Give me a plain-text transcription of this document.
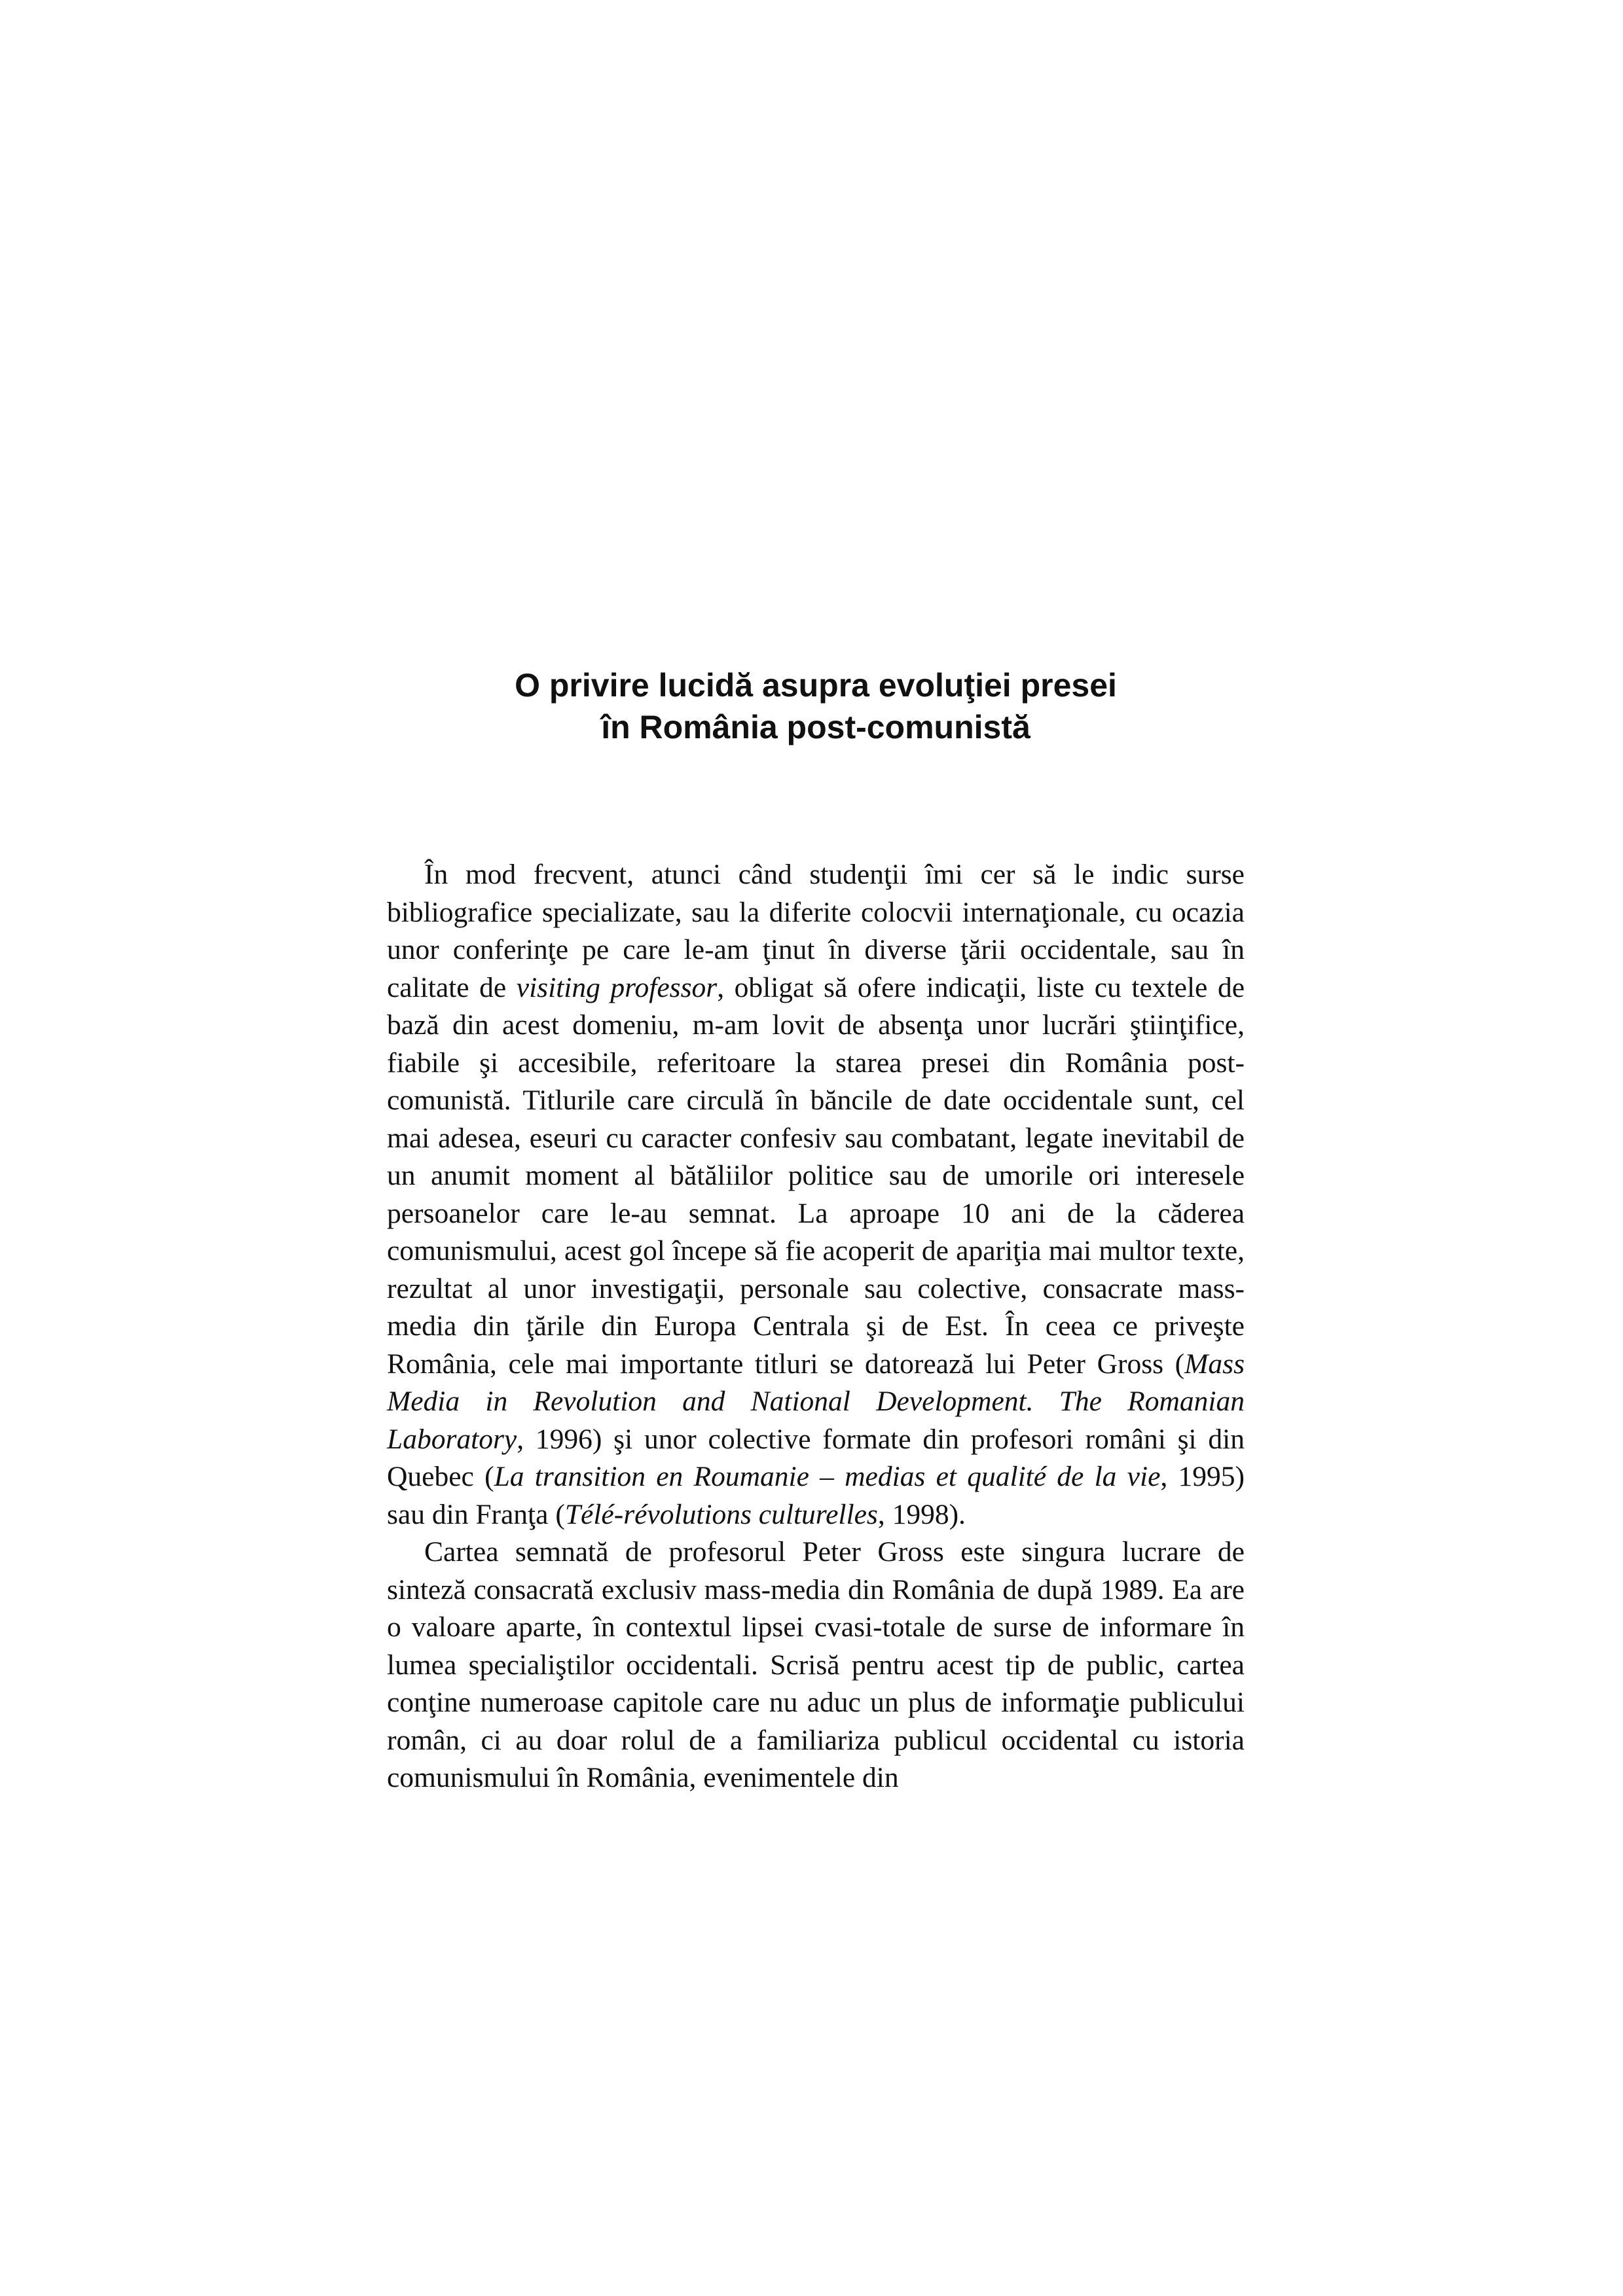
O privire lucidă asupra evoluţiei presei
în România post-comunistă

În mod frecvent, atunci când studenţii îmi cer să le indic surse bibliografice specializate, sau la diferite colocvii internaţionale, cu ocazia unor conferinţe pe care le-am ţinut în diverse ţării occidentale, sau în calitate de visiting professor, obligat să ofere indicaţii, liste cu textele de bază din acest domeniu, m-am lovit de absenţa unor lucrări ştiinţifice, fiabile şi accesibile, referitoare la starea presei din România post-comunistă. Titlurile care circulă în băncile de date occidentale sunt, cel mai adesea, eseuri cu caracter confesiv sau combatant, legate inevitabil de un anumit moment al bătăliilor politice sau de umorile ori interesele persoanelor care le-au semnat. La aproape 10 ani de la căderea comunismului, acest gol începe să fie acoperit de apariţia mai multor texte, rezultat al unor investigaţii, personale sau colective, consacrate mass-media din ţările din Europa Centrala şi de Est. În ceea ce priveşte România, cele mai importante titluri se datorează lui Peter Gross (Mass Media in Revolution and National Development. The Romanian Laboratory, 1996) şi unor colective formate din profesori români şi din Quebec (La transition en Roumanie – medias et qualité de la vie, 1995) sau din Franţa (Télé-révolutions culturelles, 1998).

Cartea semnată de profesorul Peter Gross este singura lucrare de sinteză consacrată exclusiv mass-media din România de după 1989. Ea are o valoare aparte, în contextul lipsei cvasi-totale de surse de informare în lumea specialiştilor occidentali. Scrisă pentru acest tip de public, cartea conţine numeroase capitole care nu aduc un plus de informaţie publicului român, ci au doar rolul de a familiariza publicul occidental cu istoria comunismului în România, evenimentele din
